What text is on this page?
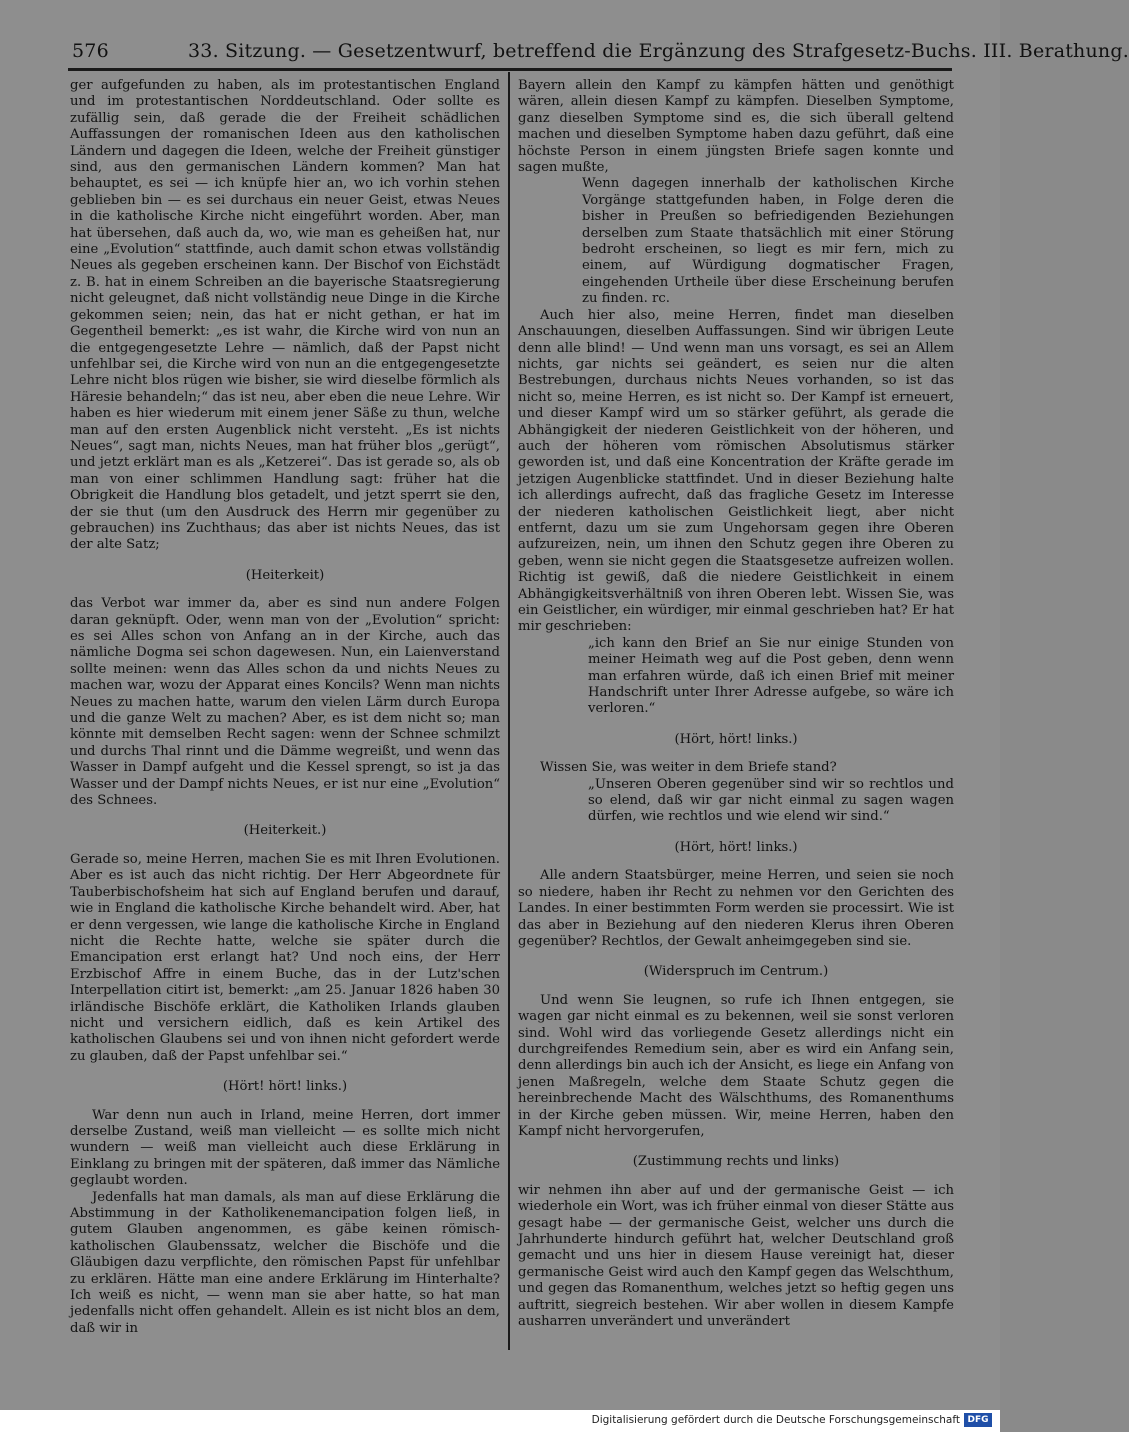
576	33. Sitzung. — Gesetzentwurf, betreffend die Ergänzung des Strafgesetz-Buchs. III. Berathung.

ger aufgefunden zu haben, als im protestantischen England und im protestantischen Norddeutschland. Oder sollte es zufällig sein, daß gerade die der Freiheit schädlichen Auffassungen der romanischen Ideen aus den katholischen Ländern und dagegen die Ideen, welche der Freiheit günstiger sind, aus den germanischen Ländern kommen? Man hat behauptet, es sei — ich knüpfe hier an, wo ich vorhin stehen geblieben bin — es sei durchaus ein neuer Geist, etwas Neues in die katholische Kirche nicht eingeführt worden. Aber, man hat übersehen, daß auch da, wo, wie man es geheißen hat, nur eine „Evolution“ stattfinde, auch damit schon etwas vollständig Neues als gegeben erscheinen kann. Der Bischof von Eichstädt z. B. hat in einem Schreiben an die bayerische Staatsregierung nicht geleugnet, daß nicht vollständig neue Dinge in die Kirche gekommen seien; nein, das hat er nicht gethan, er hat im Gegentheil bemerkt: „es ist wahr, die Kirche wird von nun an die entgegengesetzte Lehre — nämlich, daß der Papst nicht unfehlbar sei, die Kirche wird von nun an die entgegengesetzte Lehre nicht blos rügen wie bisher, sie wird dieselbe förmlich als Häresie behandeln;“ das ist neu, aber eben die neue Lehre. Wir haben es hier wiederum mit einem jener Säße zu thun, welche man auf den ersten Augenblick nicht versteht. „Es ist nichts Neues“, sagt man, nichts Neues, man hat früher blos „gerügt“, und jetzt erklärt man es als „Ketzerei“. Das ist gerade so, als ob man von einer schlimmen Handlung sagt: früher hat die Obrigkeit die Handlung blos getadelt, und jetzt sperrt sie den, der sie thut (um den Ausdruck des Herrn mir gegenüber zu gebrauchen) ins Zuchthaus; das aber ist nichts Neues, das ist der alte Satz;

(Heiterkeit)

das Verbot war immer da, aber es sind nun andere Folgen daran geknüpft. Oder, wenn man von der „Evolution“ spricht: es sei Alles schon von Anfang an in der Kirche, auch das nämliche Dogma sei schon dagewesen. Nun, ein Laienverstand sollte meinen: wenn das Alles schon da und nichts Neues zu machen war, wozu der Apparat eines Koncils? Wenn man nichts Neues zu machen hatte, warum den vielen Lärm durch Europa und die ganze Welt zu machen? Aber, es ist dem nicht so; man könnte mit demselben Recht sagen: wenn der Schnee schmilzt und durchs Thal rinnt und die Dämme wegreißt, und wenn das Wasser in Dampf aufgeht und die Kessel sprengt, so ist ja das Wasser und der Dampf nichts Neues, er ist nur eine „Evolution“ des Schnees.

(Heiterkeit.)

Gerade so, meine Herren, machen Sie es mit Ihren Evolutionen. Aber es ist auch das nicht richtig. Der Herr Abgeordnete für Tauberbischofsheim hat sich auf England berufen und darauf, wie in England die katholische Kirche behandelt wird. Aber, hat er denn vergessen, wie lange die katholische Kirche in England nicht die Rechte hatte, welche sie später durch die Emancipation erst erlangt hat? Und noch eins, der Herr Erzbischof Affre in einem Buche, das in der Lutz'schen Interpellation citirt ist, bemerkt: „am 25. Januar 1826 haben 30 irländische Bischöfe erklärt, die Katholiken Irlands glauben nicht und versichern eidlich, daß es kein Artikel des katholischen Glaubens sei und von ihnen nicht gefordert werde zu glauben, daß der Papst unfehlbar sei.“

(Hört! hört! links.)

War denn nun auch in Irland, meine Herren, dort immer derselbe Zustand, weiß man vielleicht — es sollte mich nicht wundern — weiß man vielleicht auch diese Erklärung in Einklang zu bringen mit der späteren, daß immer das Nämliche geglaubt worden.

Jedenfalls hat man damals, als man auf diese Erklärung die Abstimmung in der Katholikenemancipation folgen ließ, in gutem Glauben angenommen, es gäbe keinen römisch-katholischen Glaubenssatz, welcher die Bischöfe und die Gläubigen dazu verpflichte, den römischen Papst für unfehlbar zu erklären. Hätte man eine andere Erklärung im Hinterhalte? Ich weiß es nicht, — wenn man sie aber hatte, so hat man jedenfalls nicht offen gehandelt. Allein es ist nicht blos an dem, daß wir in

Bayern allein den Kampf zu kämpfen hätten und genöthigt wären, allein diesen Kampf zu kämpfen. Dieselben Symptome, ganz dieselben Symptome sind es, die sich überall geltend machen und dieselben Symptome haben dazu geführt, daß eine höchste Person in einem jüngsten Briefe sagen konnte und sagen mußte,

Wenn dagegen innerhalb der katholischen Kirche Vorgänge stattgefunden haben, in Folge deren die bisher in Preußen so befriedigenden Beziehungen derselben zum Staate thatsächlich mit einer Störung bedroht erscheinen, so liegt es mir fern, mich zu einem, auf Würdigung dogmatischer Fragen, eingehenden Urtheile über diese Erscheinung berufen zu finden. rc.

Auch hier also, meine Herren, findet man dieselben Anschauungen, dieselben Auffassungen. Sind wir übrigen Leute denn alle blind! — Und wenn man uns vorsagt, es sei an Allem nichts, gar nichts sei geändert, es seien nur die alten Bestrebungen, durchaus nichts Neues vorhanden, so ist das nicht so, meine Herren, es ist nicht so. Der Kampf ist erneuert, und dieser Kampf wird um so stärker geführt, als gerade die Abhängigkeit der niederen Geistlichkeit von der höheren, und auch der höheren vom römischen Absolutismus stärker geworden ist, und daß eine Koncentration der Kräfte gerade im jetzigen Augenblicke stattfindet. Und in dieser Beziehung halte ich allerdings aufrecht, daß das fragliche Gesetz im Interesse der niederen katholischen Geistlichkeit liegt, aber nicht entfernt, dazu um sie zum Ungehorsam gegen ihre Oberen aufzureizen, nein, um ihnen den Schutz gegen ihre Oberen zu geben, wenn sie nicht gegen die Staatsgesetze aufreizen wollen. Richtig ist gewiß, daß die niedere Geistlichkeit in einem Abhängigkeitsverhältniß von ihren Oberen lebt. Wissen Sie, was ein Geistlicher, ein würdiger, mir einmal geschrieben hat? Er hat mir geschrieben:

„ich kann den Brief an Sie nur einige Stunden von meiner Heimath weg auf die Post geben, denn wenn man erfahren würde, daß ich einen Brief mit meiner Handschrift unter Ihrer Adresse aufgebe, so wäre ich verloren.“

(Hört, hört! links.)

Wissen Sie, was weiter in dem Briefe stand?

„Unseren Oberen gegenüber sind wir so rechtlos und so elend, daß wir gar nicht einmal zu sagen wagen dürfen, wie rechtlos und wie elend wir sind.“

(Hört, hört! links.)

Alle andern Staatsbürger, meine Herren, und seien sie noch so niedere, haben ihr Recht zu nehmen vor den Gerichten des Landes. In einer bestimmten Form werden sie processirt. Wie ist das aber in Beziehung auf den niederen Klerus ihren Oberen gegenüber? Rechtlos, der Gewalt anheimgegeben sind sie.

(Widerspruch im Centrum.)

Und wenn Sie leugnen, so rufe ich Ihnen entgegen, sie wagen gar nicht einmal es zu bekennen, weil sie sonst verloren sind. Wohl wird das vorliegende Gesetz allerdings nicht ein durchgreifendes Remedium sein, aber es wird ein Anfang sein, denn allerdings bin auch ich der Ansicht, es liege ein Anfang von jenen Maßregeln, welche dem Staate Schutz gegen die hereinbrechende Macht des Wälschthums, des Romanenthums in der Kirche geben müssen. Wir, meine Herren, haben den Kampf nicht hervorgerufen,

(Zustimmung rechts und links)

wir nehmen ihn aber auf und der germanische Geist — ich wiederhole ein Wort, was ich früher einmal von dieser Stätte aus gesagt habe — der germanische Geist, welcher uns durch die Jahrhunderte hindurch geführt hat, welcher Deutschland groß gemacht und uns hier in diesem Hause vereinigt hat, dieser germanische Geist wird auch den Kampf gegen das Welschthum, und gegen das Romanenthum, welches jetzt so heftig gegen uns auftritt, siegreich bestehen. Wir aber wollen in diesem Kampfe ausharren unverändert und unverändert

Digitalisierung gefördert durch die Deutsche Forschungsgemeinschaft DFG
